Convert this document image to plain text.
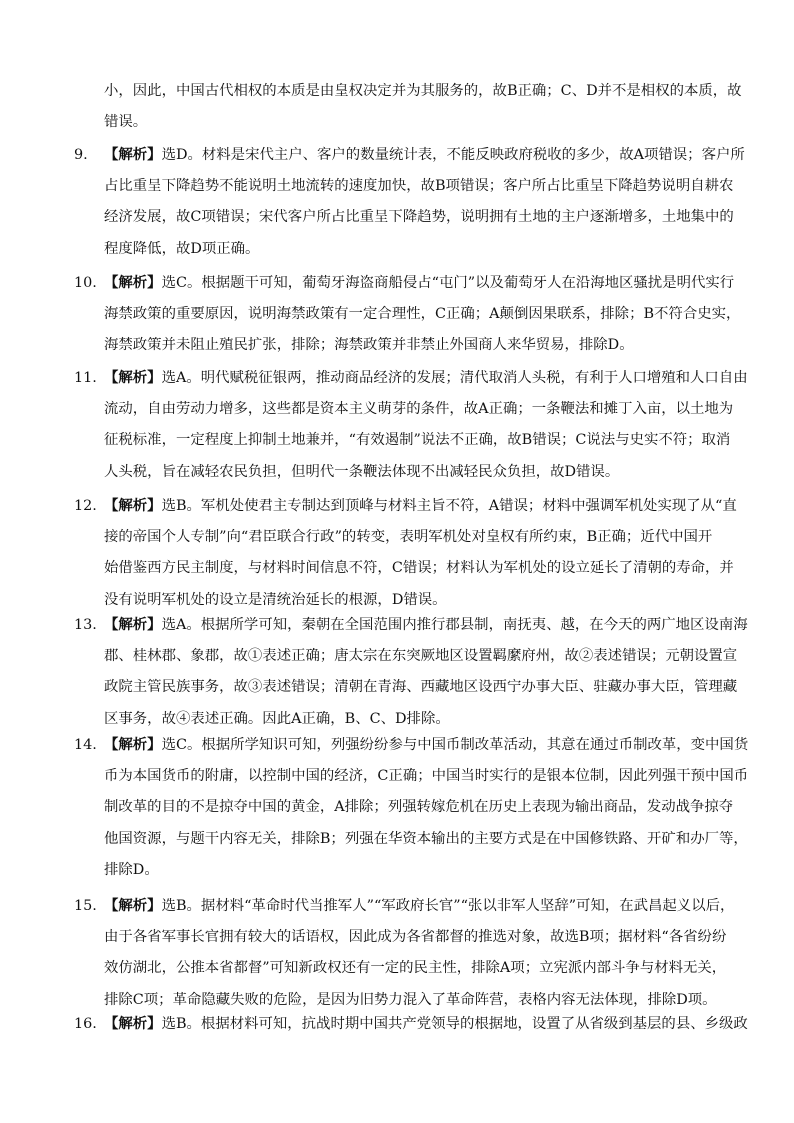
小，因此，中国古代相权的本质是由皇权决定并为其服务的，故B正确；C、D并不是相权的本质，故
错误。
9.	【解析】选D。材料是宋代主户、客户的数量统计表，不能反映政府税收的多少，故A项错误；客户所
占比重呈下降趋势不能说明土地流转的速度加快，故B项错误；客户所占比重呈下降趋势说明自耕农
经济发展，故C项错误；宋代客户所占比重呈下降趋势，说明拥有土地的主户逐渐增多，土地集中的
程度降低，故D项正确。
10. 【解析】选C。根据题干可知，葡萄牙海盗商船侵占“屯门”以及葡萄牙人在沿海地区骚扰是明代实行
海禁政策的重要原因，说明海禁政策有一定合理性，C正确；A颠倒因果联系，排除；B不符合史实，
海禁政策并未阻止殖民扩张，排除；海禁政策并非禁止外国商人来华贸易，排除D。
11. 【解析】选A。明代赋税征银两，推动商品经济的发展；清代取消人头税，有利于人口增殖和人口自由
流动，自由劳动力增多，这些都是资本主义萌芽的条件，故A正确；一条鞭法和摊丁入亩，以土地为
征税标准，一定程度上抑制土地兼并，“有效遏制”说法不正确，故B错误；C说法与史实不符；取消
人头税，旨在减轻农民负担，但明代一条鞭法体现不出减轻民众负担，故D错误。
12. 【解析】选B。军机处使君主专制达到顶峰与材料主旨不符，A错误；材料中强调军机处实现了从“直
接的帝国个人专制”向“君臣联合行政”的转变，表明军机处对皇权有所约束，B正确；近代中国开
始借鉴西方民主制度，与材料时间信息不符，C错误；材料认为军机处的设立延长了清朝的寿命，并
没有说明军机处的设立是清统治延长的根源，D错误。
13. 【解析】选A。根据所学可知，秦朝在全国范围内推行郡县制，南抚夷、越，在今天的两广地区设南海
郡、桂林郡、象郡，故①表述正确；唐太宗在东突厥地区设置羁縻府州，故②表述错误；元朝设置宣
政院主管民族事务，故③表述错误；清朝在青海、西藏地区设西宁办事大臣、驻藏办事大臣，管理藏
区事务，故④表述正确。因此A正确，B、C、D排除。
14. 【解析】选C。根据所学知识可知，列强纷纷参与中国币制改革活动，其意在通过币制改革，变中国货
币为本国货币的附庸，以控制中国的经济，C正确；中国当时实行的是银本位制，因此列强干预中国币
制改革的目的不是掠夺中国的黄金，A排除；列强转嫁危机在历史上表现为输出商品，发动战争掠夺
他国资源，与题干内容无关，排除B；列强在华资本输出的主要方式是在中国修铁路、开矿和办厂等，
排除D。
15. 【解析】选B。据材料“革命时代当推军人”“军政府长官”“张以非军人坚辞”可知，在武昌起义以后，
由于各省军事长官拥有较大的话语权，因此成为各省都督的推选对象，故选B项；据材料“各省纷纷
效仿湖北，公推本省都督”可知新政权还有一定的民主性，排除A项；立宪派内部斗争与材料无关，
排除C项；革命隐藏失败的危险，是因为旧势力混入了革命阵营，表格内容无法体现，排除D项。
16. 【解析】选B。根据材料可知，抗战时期中国共产党领导的根据地，设置了从省级到基层的县、乡级政
